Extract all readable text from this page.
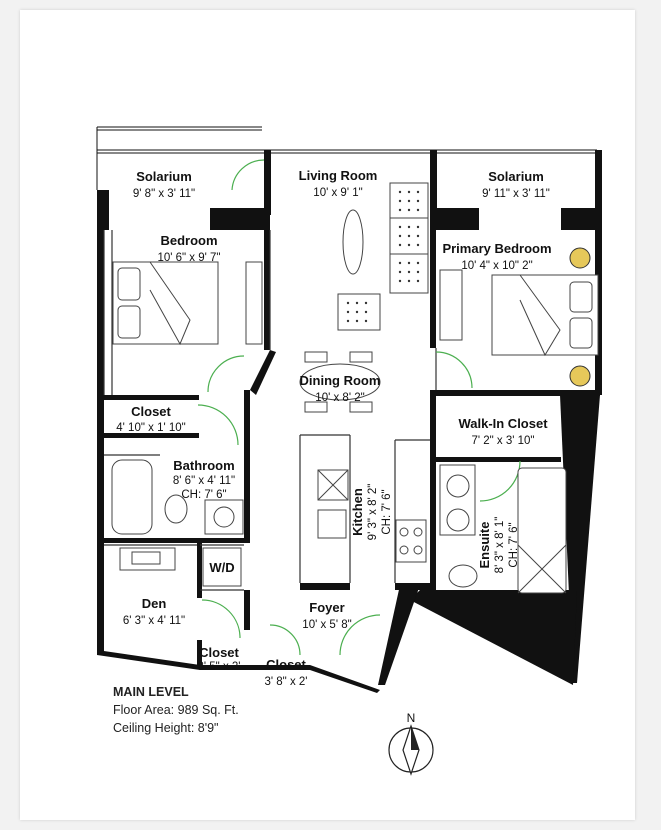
Solarium
9' 8" x 3' 11"
Living Room
10' x 9' 1"
Solarium
9' 11" x 3' 11"
Bedroom
10' 6" x 9' 7"
Primary Bedroom
10' 4" x 10" 2"
Dining Room
10' x 8' 2"
Closet
4' 10" x 1' 10"	Walk-In Closet
7' 2" x 3' 10"
Bathroom
8' 6" x 4' 11"
CH: 7' 6"
W/D
Den
6' 3" x 4' 11"
Foyer
10' x 5' 8"
Closet
3' 5" x 2' Closet
3' 8" x 2'
Kitchen 9' 3" x 8' 2" CH: 7' 6"
Ensuite 8' 3" x 8' 1" CH: 7' 6"
N
MAIN LEVEL
Floor Area: 989 Sq. Ft.
Ceiling Height: 8'9"
